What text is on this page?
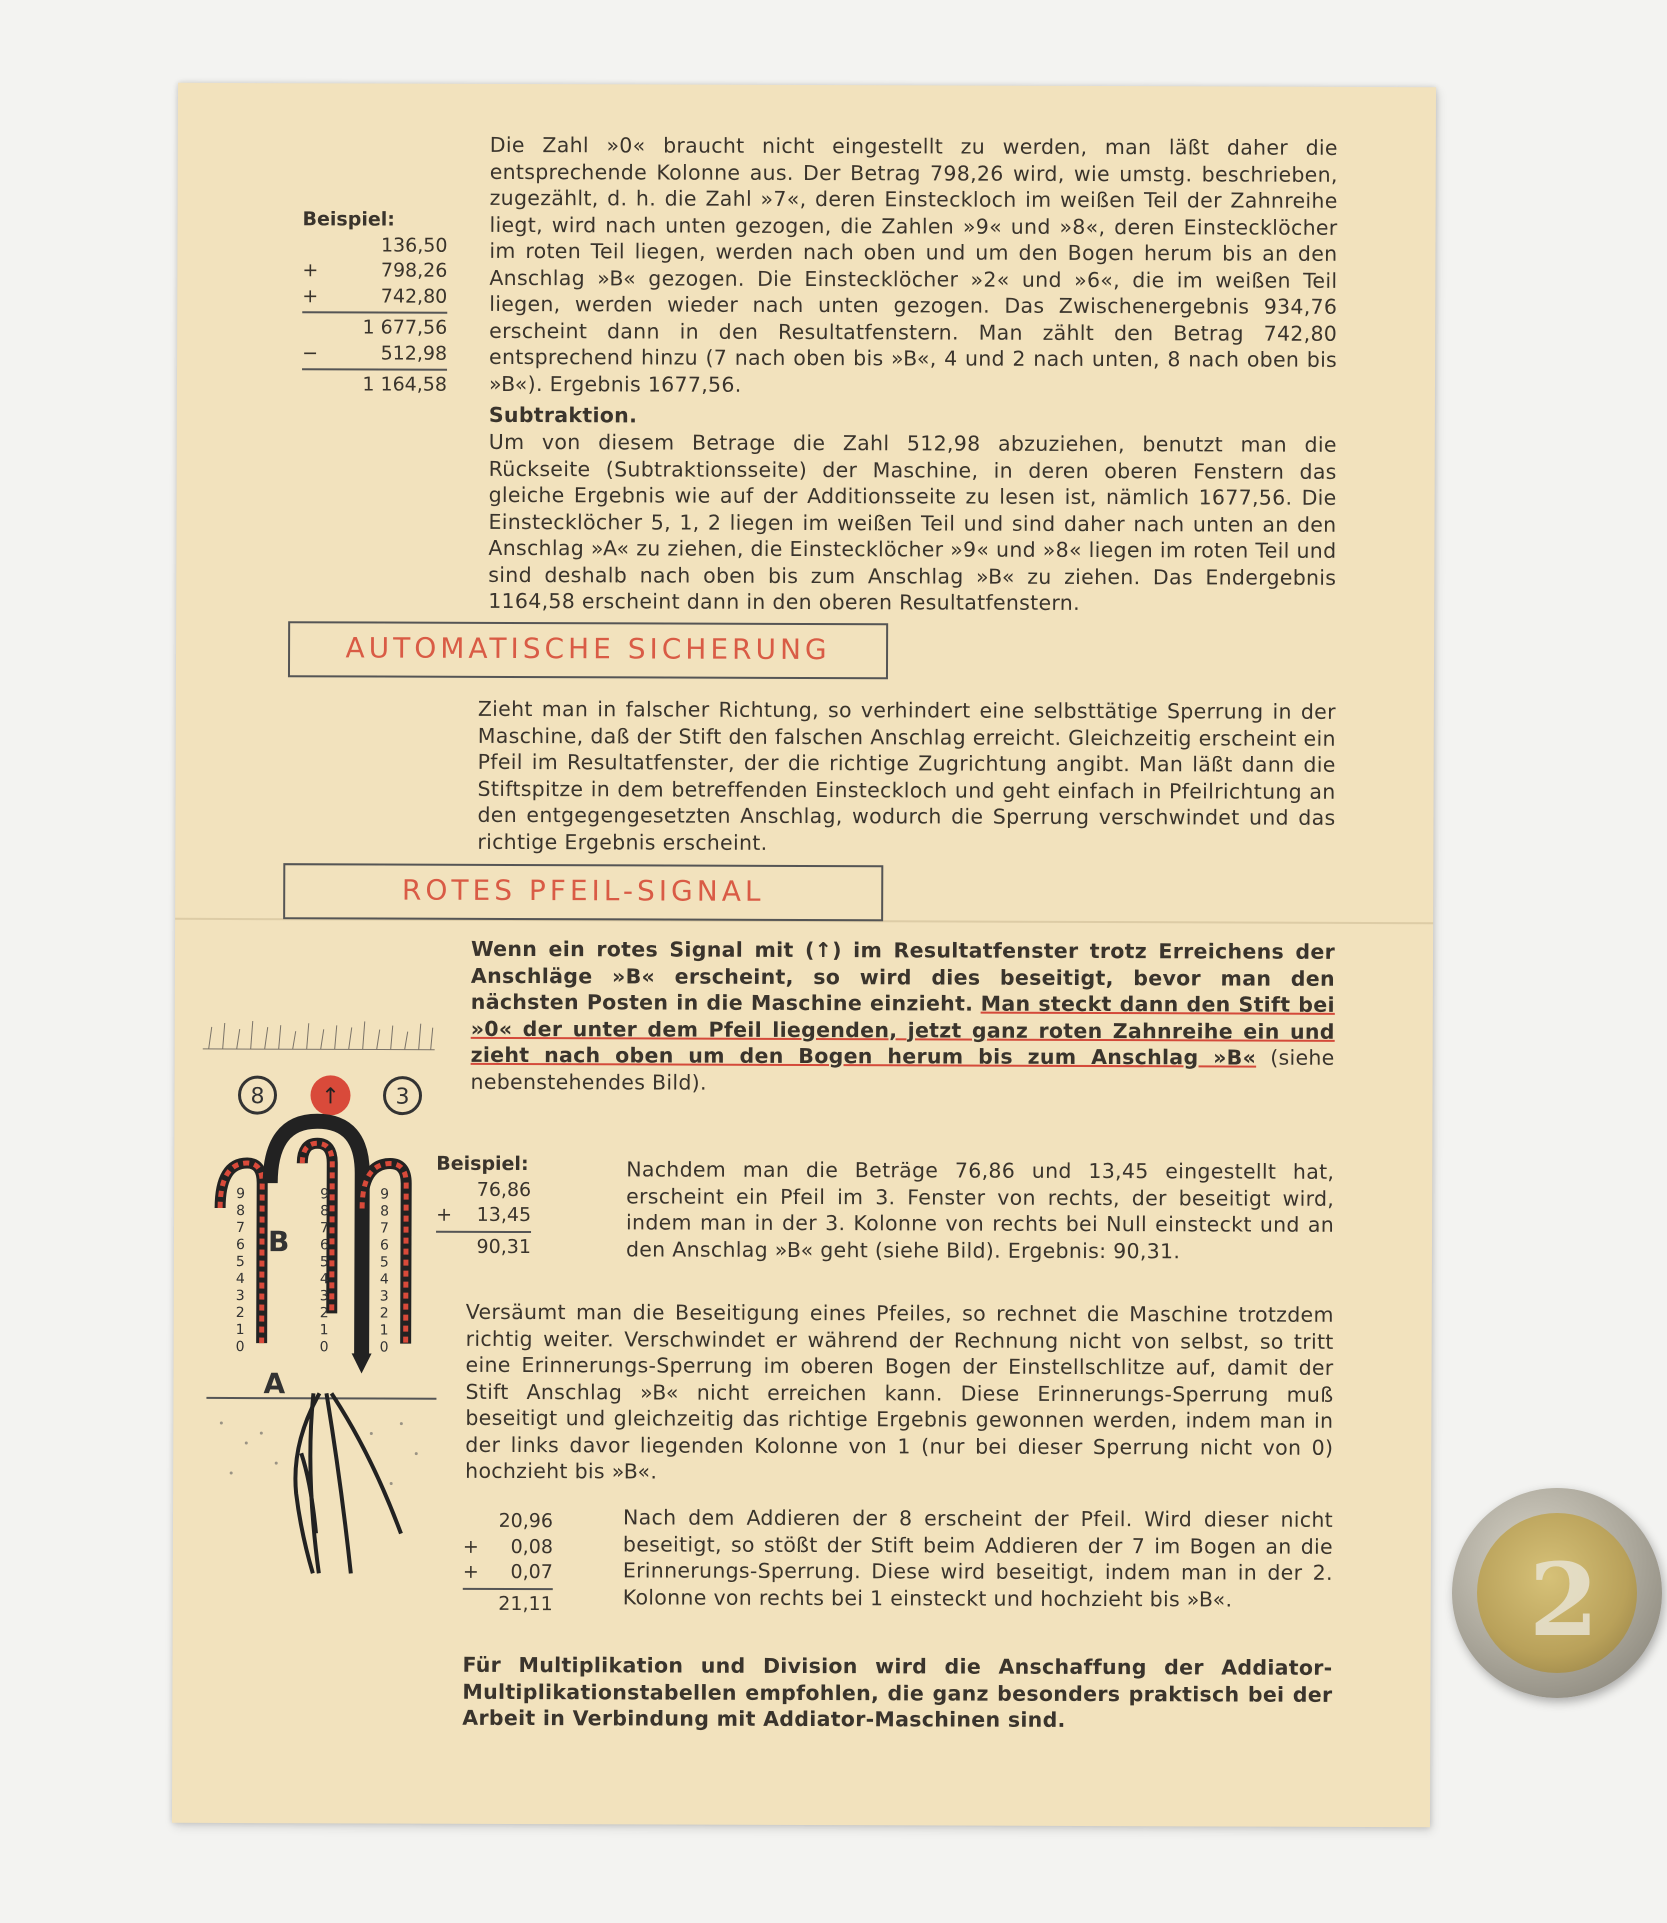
Beispiel:
136,50
+	798,26
+	742,80
1 677,56
−	512,98
1 164,58
Die Zahl »0« braucht nicht eingestellt zu werden, man läßt daher die entsprechende Kolonne aus. Der Betrag 798,26 wird, wie umstg. beschrieben, zugezählt, d. h. die Zahl »7«, deren Einsteckloch im weißen Teil der Zahnreihe liegt, wird nach unten gezogen, die Zahlen »9« und »8«, deren Einstecklöcher im roten Teil liegen, werden nach oben und um den Bogen herum bis an den Anschlag »B« gezogen. Die Einstecklöcher »2« und »6«, die im weißen Teil liegen, werden wieder nach unten gezogen. Das Zwischenergebnis 934,76 erscheint dann in den Resultatfenstern. Man zählt den Betrag 742,80 entsprechend hinzu (7 nach oben bis »B«, 4 und 2 nach unten, 8 nach oben bis »B«). Ergebnis 1677,56.
Subtraktion.
Um von diesem Betrage die Zahl 512,98 abzuziehen, benutzt man die Rückseite (Subtraktionsseite) der Maschine, in deren oberen Fenstern das gleiche Ergebnis wie auf der Additionsseite zu lesen ist, nämlich 1677,56. Die Einstecklöcher 5, 1, 2 liegen im weißen Teil und sind daher nach unten an den Anschlag »A« zu ziehen, die Einstecklöcher »9« und »8« liegen im roten Teil und sind deshalb nach oben bis zum Anschlag »B« zu ziehen. Das Endergebnis 1164,58 erscheint dann in den oberen Resultatfenstern.
AUTOMATISCHE SICHERUNG
Zieht man in falscher Richtung, so verhindert eine selbsttätige Sperrung in der Maschine, daß der Stift den falschen Anschlag erreicht. Gleichzeitig erscheint ein Pfeil im Resultatfenster, der die richtige Zugrichtung angibt. Man läßt dann die Stiftspitze in dem betreffenden Einsteckloch und geht einfach in Pfeilrichtung an den entgegengesetzten Anschlag, wodurch die Sperrung verschwindet und das richtige Ergebnis erscheint.
ROTES PFEIL-SIGNAL
Wenn ein rotes Signal mit (↑) im Resultatfenster trotz Erreichens der Anschläge »B« erscheint, so wird dies beseitigt, bevor man den nächsten Posten in die Maschine einzieht. Man steckt dann den Stift bei »0« der unter dem Pfeil liegenden, jetzt ganz roten Zahnreihe ein und zieht nach oben um den Bogen herum bis zum Anschlag »B« (siehe nebenstehendes Bild).
8	↑	3
B
A
9
8
7
6
5
4
3
2
1
0
9
8
7
6
5
4
3
2
1
0
9
8
7
6
5
4
3
2
1
0
Beispiel:
76,86
+ 13,45
90,31
Nachdem man die Beträge 76,86 und 13,45 eingestellt hat, erscheint ein Pfeil im 3. Fenster von rechts, der beseitigt wird, indem man in der 3. Kolonne von rechts bei Null einsteckt und an den Anschlag »B« geht (siehe Bild). Ergebnis: 90,31.
Versäumt man die Beseitigung eines Pfeiles, so rechnet die Maschine trotzdem richtig weiter. Verschwindet er während der Rechnung nicht von selbst, so tritt eine Erinnerungs-Sperrung im oberen Bogen der Einstellschlitze auf, damit der Stift Anschlag »B« nicht erreichen kann. Diese Erinnerungs-Sperrung muß beseitigt und gleichzeitig das richtige Ergebnis gewonnen werden, indem man in der links davor liegenden Kolonne von 1 (nur bei dieser Sperrung nicht von 0) hochzieht bis »B«.
20,96
+ 0,08
+ 0,07
21,11
Nach dem Addieren der 8 erscheint der Pfeil. Wird dieser nicht beseitigt, so stößt der Stift beim Addieren der 7 im Bogen an die Erinnerungs-Sperrung. Diese wird beseitigt, indem man in der 2. Kolonne von rechts bei 1 einsteckt und hochzieht bis »B«.
Für Multiplikation und Division wird die Anschaffung der Addiator-Multiplikationstabellen empfohlen, die ganz besonders praktisch bei der Arbeit in Verbindung mit Addiator-Maschinen sind.
2
